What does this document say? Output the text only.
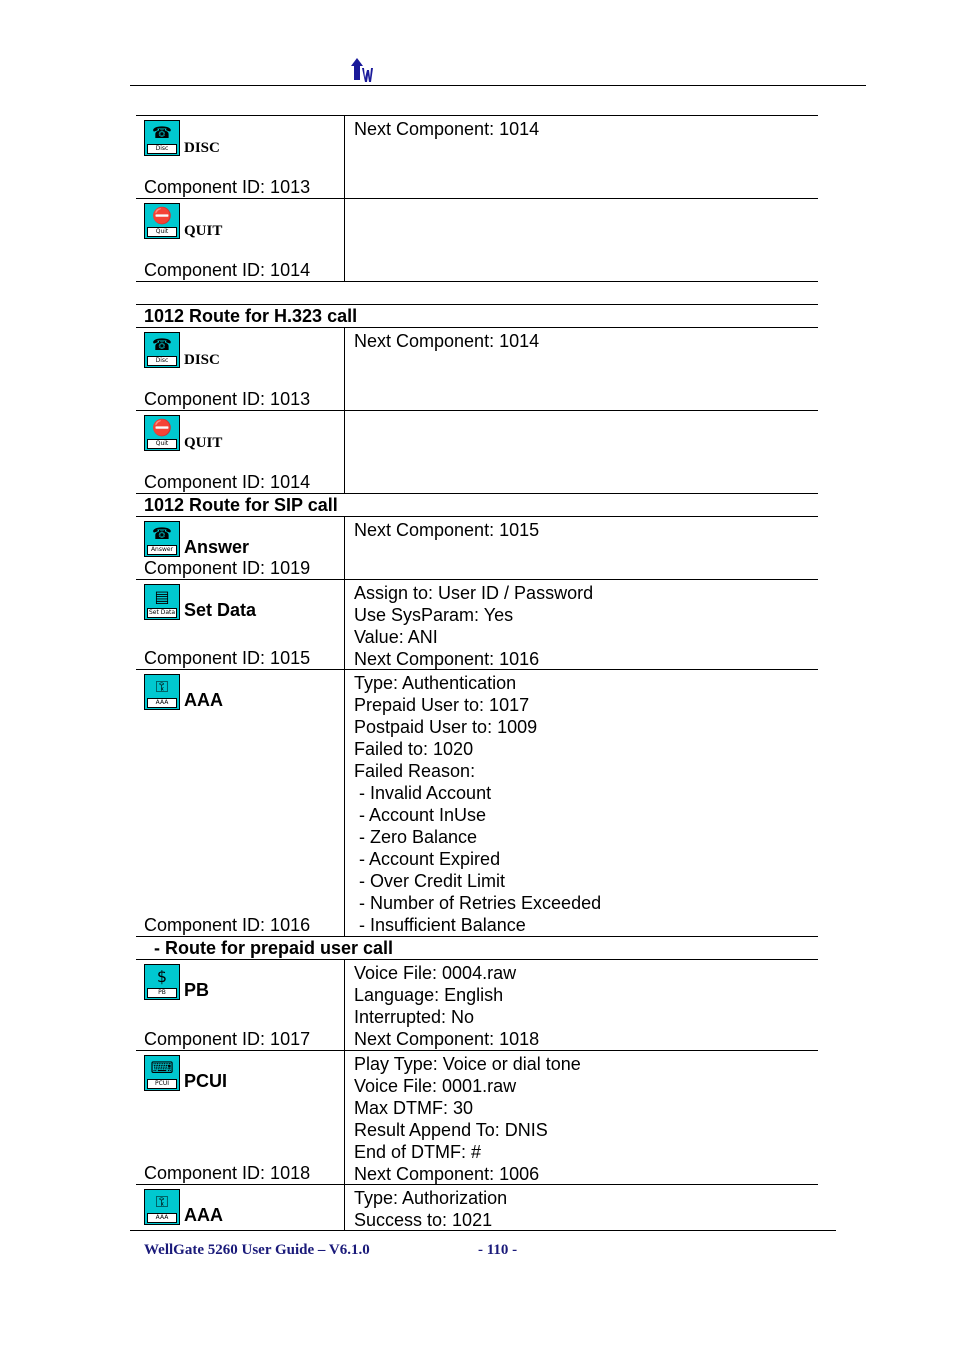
Disc
☎
DISC
Component ID: 1013
Next Component: 1014
Quit
⛔
QUIT
Component ID: 1014
1012 Route for H.323 call
Disc
☎
DISC
Component ID: 1013
Next Component: 1014
Quit
⛔
QUIT
Component ID: 1014
1012 Route for SIP call
Answer
☎
Answer
Component ID: 1019
Next Component: 1015
Set Data
▤
Set Data
Component ID: 1015
Assign to: User ID / Password
Use SysParam: Yes
Value: ANI
Next Component: 1016
AAA
⚿
AAA
Component ID: 1016
Type: Authentication
Prepaid User to: 1017
Postpaid User to: 1009
Failed to: 1020
Failed Reason:
- Invalid Account
- Account InUse
- Zero Balance
- Account Expired
- Over Credit Limit
- Number of Retries Exceeded
- Insufficient Balance
- Route for prepaid user call
PB
$
PB
Component ID: 1017
Voice File: 0004.raw
Language: English
Interrupted: No
Next Component: 1018
PCUI
⌨
PCUI
Component ID: 1018
Play Type: Voice or dial tone
Voice File: 0001.raw
Max DTMF: 30
Result Append To: DNIS
End of DTMF: #
Next Component: 1006
AAA
⚿
AAA
Type: Authorization
Success to: 1021
WellGate 5260 User Guide – V6.1.0	- 110 -
